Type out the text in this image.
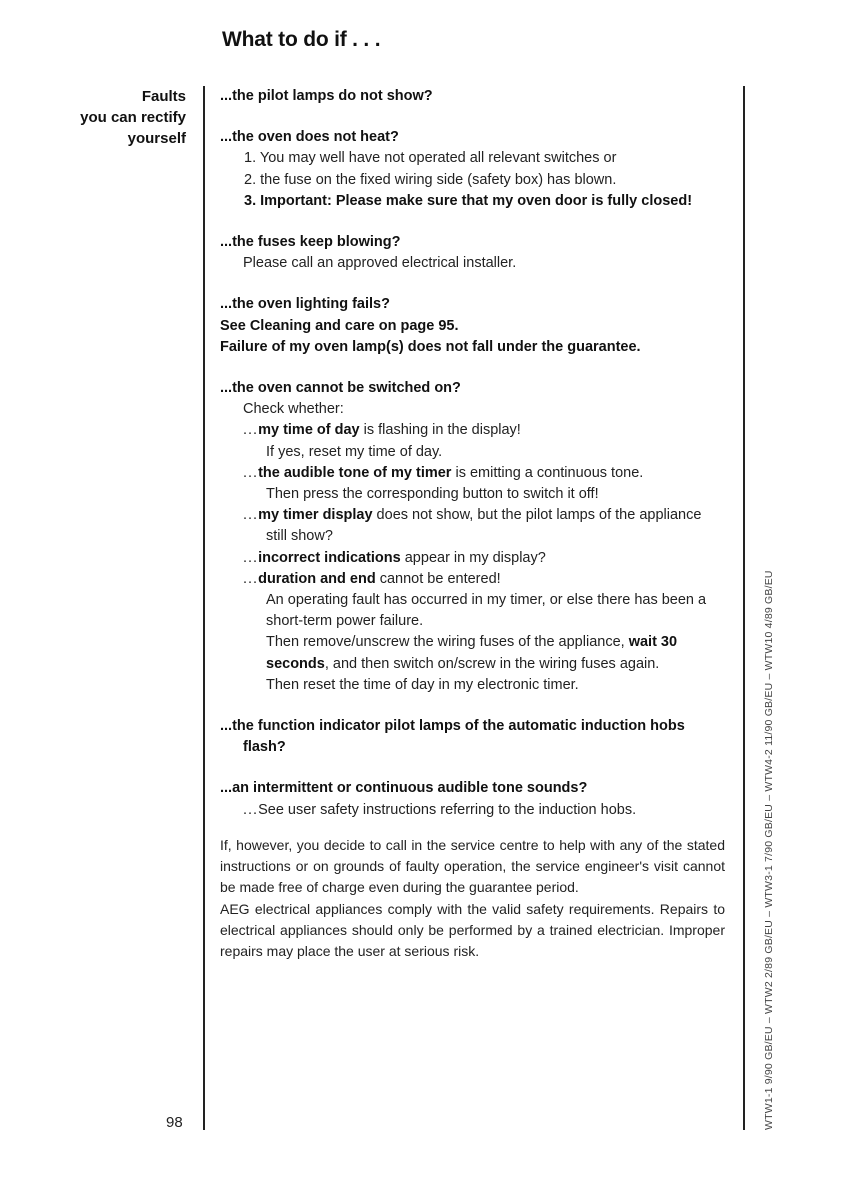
What to do if . . .
Faults
you can rectify
yourself
98	WTW1-1 9/90 GB/EU – WTW2 2/89 GB/EU – WTW3-1 7/90 GB/EU – WTW4-2 11/90 GB/EU – WTW10 4/89 GB/EU
...the pilot lamps do not show?
...the oven does not heat?
1. You may well have not operated all relevant switches or
2. the fuse on the fixed wiring side (safety box) has blown.
3. Important: Please make sure that my oven door is fully closed!
...the fuses keep blowing?
Please call an approved electrical installer.
...the oven lighting fails?
See Cleaning and care on page 95.
Failure of my oven lamp(s) does not fall under the guarantee.
...the oven cannot be switched on?
Check whether:
...my time of day is flashing in the display!
If yes, reset my time of day.
...the audible tone of my timer is emitting a continuous tone.
Then press the corresponding button to switch it off!
...my timer display does not show, but the pilot lamps of the appliance still show?
...incorrect indications appear in my display?
...duration and end cannot be entered!
An operating fault has occurred in my timer, or else there has been a short-term power failure.
Then remove/unscrew the wiring fuses of the appliance, wait 30 seconds, and then switch on/screw in the wiring fuses again.
Then reset the time of day in my electronic timer.
...the function indicator pilot lamps of the automatic induction hobs flash?
...an intermittent or continuous audible tone sounds?
...See user safety instructions referring to the induction hobs.

If, however, you decide to call in the service centre to help with any of the stated instructions or on grounds of faulty operation, the service engineer's visit cannot be made free of charge even during the guarantee period.

AEG electrical appliances comply with the valid safety requirements. Repairs to electrical appliances should only be performed by a trained electrician. Improper repairs may place the user at serious risk.
